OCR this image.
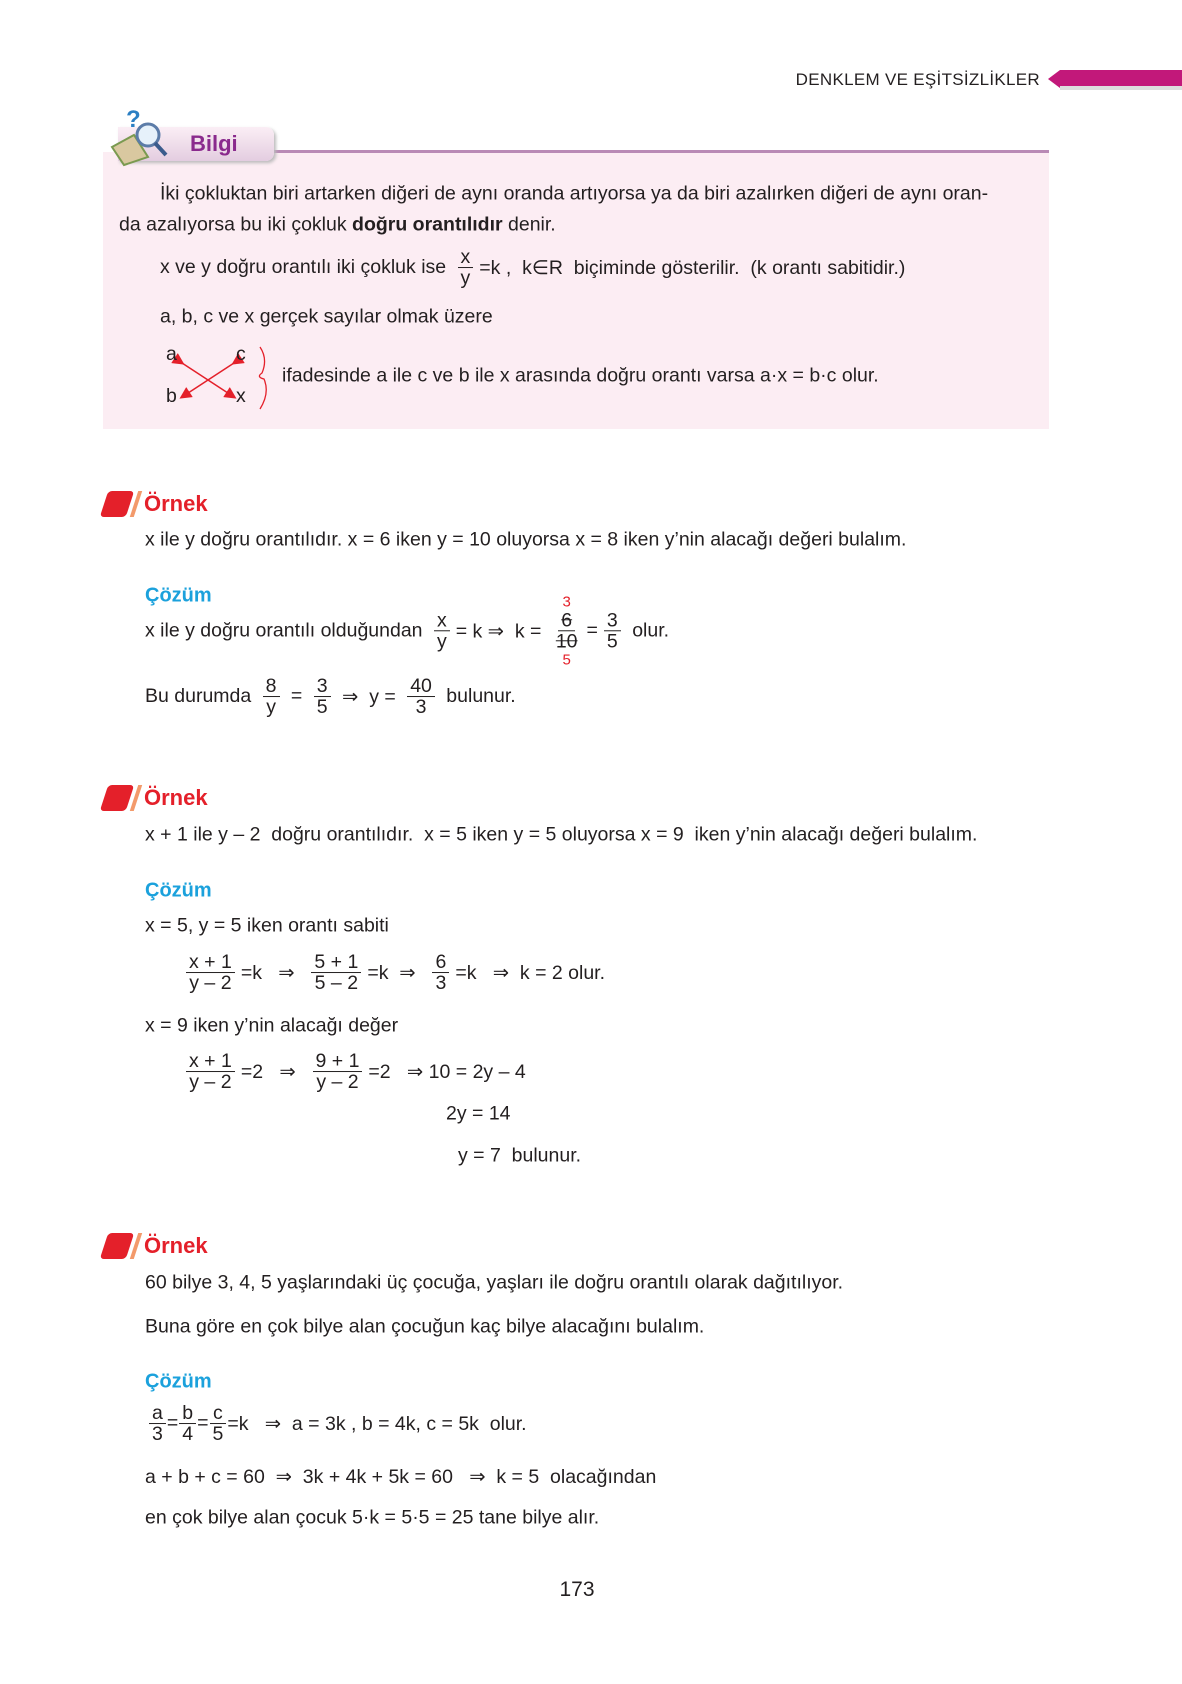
DENKLEM VE EŞİTSİZLİKLER
Bilgi
?
İki çokluktan biri artarken diğeri de aynı oranda artıyorsa ya da biri azalırken diğeri de aynı oran-
da azalıyorsa bu iki çokluk doğru orantılıdır denir.
x ve y doğru orantılı iki çokluk ise $\frac{x}{y} =k$ ,  k∈R  biçiminde gösterilir.  (k orantı sabitidir.)
a, b, c ve x gerçek sayılar olmak üzere
a	c
b	x
ifadesinde a ile c ve b ile x arasında doğru orantı varsa a·x = b·c olur.
Örnek
x ile y doğru orantılıdır. x = 6 iken y = 10 oluyorsa x = 8 iken y’nin alacağı değeri bulalım.
Çözüm
x ile y doğru orantılı olduğundan $\frac{x}{y} = k$ ⇒  k =
3
6
10
5
= $\frac{3}{5}$ olur.
Bu durumda $\frac{8}{y} = \frac{3}{5}$ ⇒  $y = \frac{40}{3}$ bulunur.
Örnek
x + 1 ile y – 2  doğru orantılıdır.  x = 5 iken y = 5 oluyorsa x = 9  iken y’nin alacağı değeri bulalım.
Çözüm
x = 5, y = 5 iken orantı sabiti
$\frac{x + 1}{y - 2} =k$   ⇒ $\frac{5 + 1}{5 - 2} =k$  ⇒ $\frac{6}{3} =k$   ⇒  k = 2 olur.
x = 9 iken y’nin alacağı değer
$\frac{x + 1}{y - 2} =2$   ⇒ $\frac{9 + 1}{y - 2} =2$   ⇒ 10 = 2y – 4
2y = 14
y = 7  bulunur.
Örnek
60 bilye 3, 4, 5 yaşlarındaki üç çocuğa, yaşları ile doğru orantılı olarak dağıtılıyor.
Buna göre en çok bilye alan çocuğun kaç bilye alacağını bulalım.
Çözüm
$\frac{a}{3} = \frac{b}{4} = \frac{c}{5} =k$   ⇒  a = 3k , b = 4k, c = 5k  olur.
a + b + c = 60  ⇒  3k + 4k + 5k = 60   ⇒  k = 5  olacağından
en çok bilye alan çocuk 5·k = 5·5 = 25 tane bilye alır.
173
